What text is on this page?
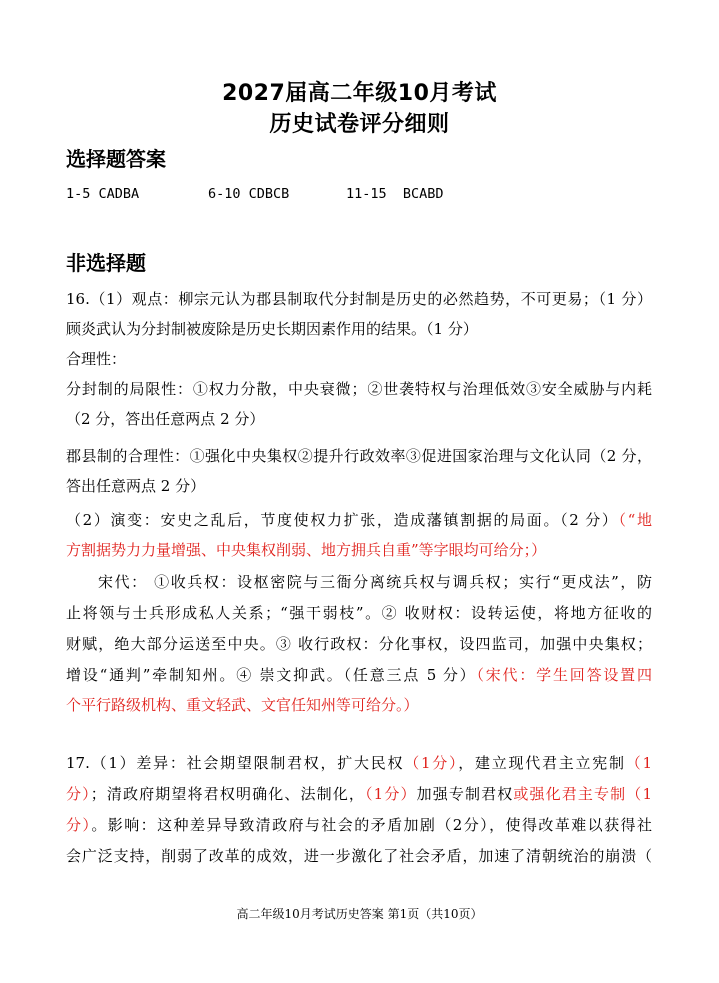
2027届高二年级10月考试
历史试卷评分细则
选择题答案
1-5 CADBA	6-10 CDBCB	11-15  BCABD
非选择题
16.（1）观点：柳宗元认为郡县制取代分封制是历史的必然趋势，不可更易；（1 分）
顾炎武认为分封制被废除是历史长期因素作用的结果。（1 分）
合理性：
分封制的局限性：①权力分散，中央衰微；②世袭特权与治理低效③安全威胁与内耗
（2 分，答出任意两点 2 分）
郡县制的合理性：①强化中央集权②提升行政效率③促进国家治理与文化认同（2 分，
答出任意两点 2 分）
（2）演变：安史之乱后，节度使权力扩张，造成藩镇割据的局面。（2 分）（“地
方割据势力力量增强、中央集权削弱、地方拥兵自重”等字眼均可给分；）
宋代： ①收兵权：设枢密院与三衙分离统兵权与调兵权；实行“更戍法”，防
止将领与士兵形成私人关系；“强干弱枝”。② 收财权：设转运使，将地方征收的
财赋，绝大部分运送至中央。③ 收行政权：分化事权，设四监司，加强中央集权；
增设“通判”牵制知州。④ 崇文抑武。（任意三点 5 分）（宋代：学生回答设置四
个平行路级机构、重文轻武、文官任知州等可给分。）
17.（1）差异：社会期望限制君权，扩大民权（1分），建立现代君主立宪制（1
分）；清政府期望将君权明确化、法制化，（1分）加强专制君权或强化君主专制（1
分）。影响：这种差异导致清政府与社会的矛盾加剧（2分），使得改革难以获得社
会广泛支持，削弱了改革的成效，进一步激化了社会矛盾，加速了清朝统治的崩溃（
高二年级10月考试历史答案 第1页（共10页）
